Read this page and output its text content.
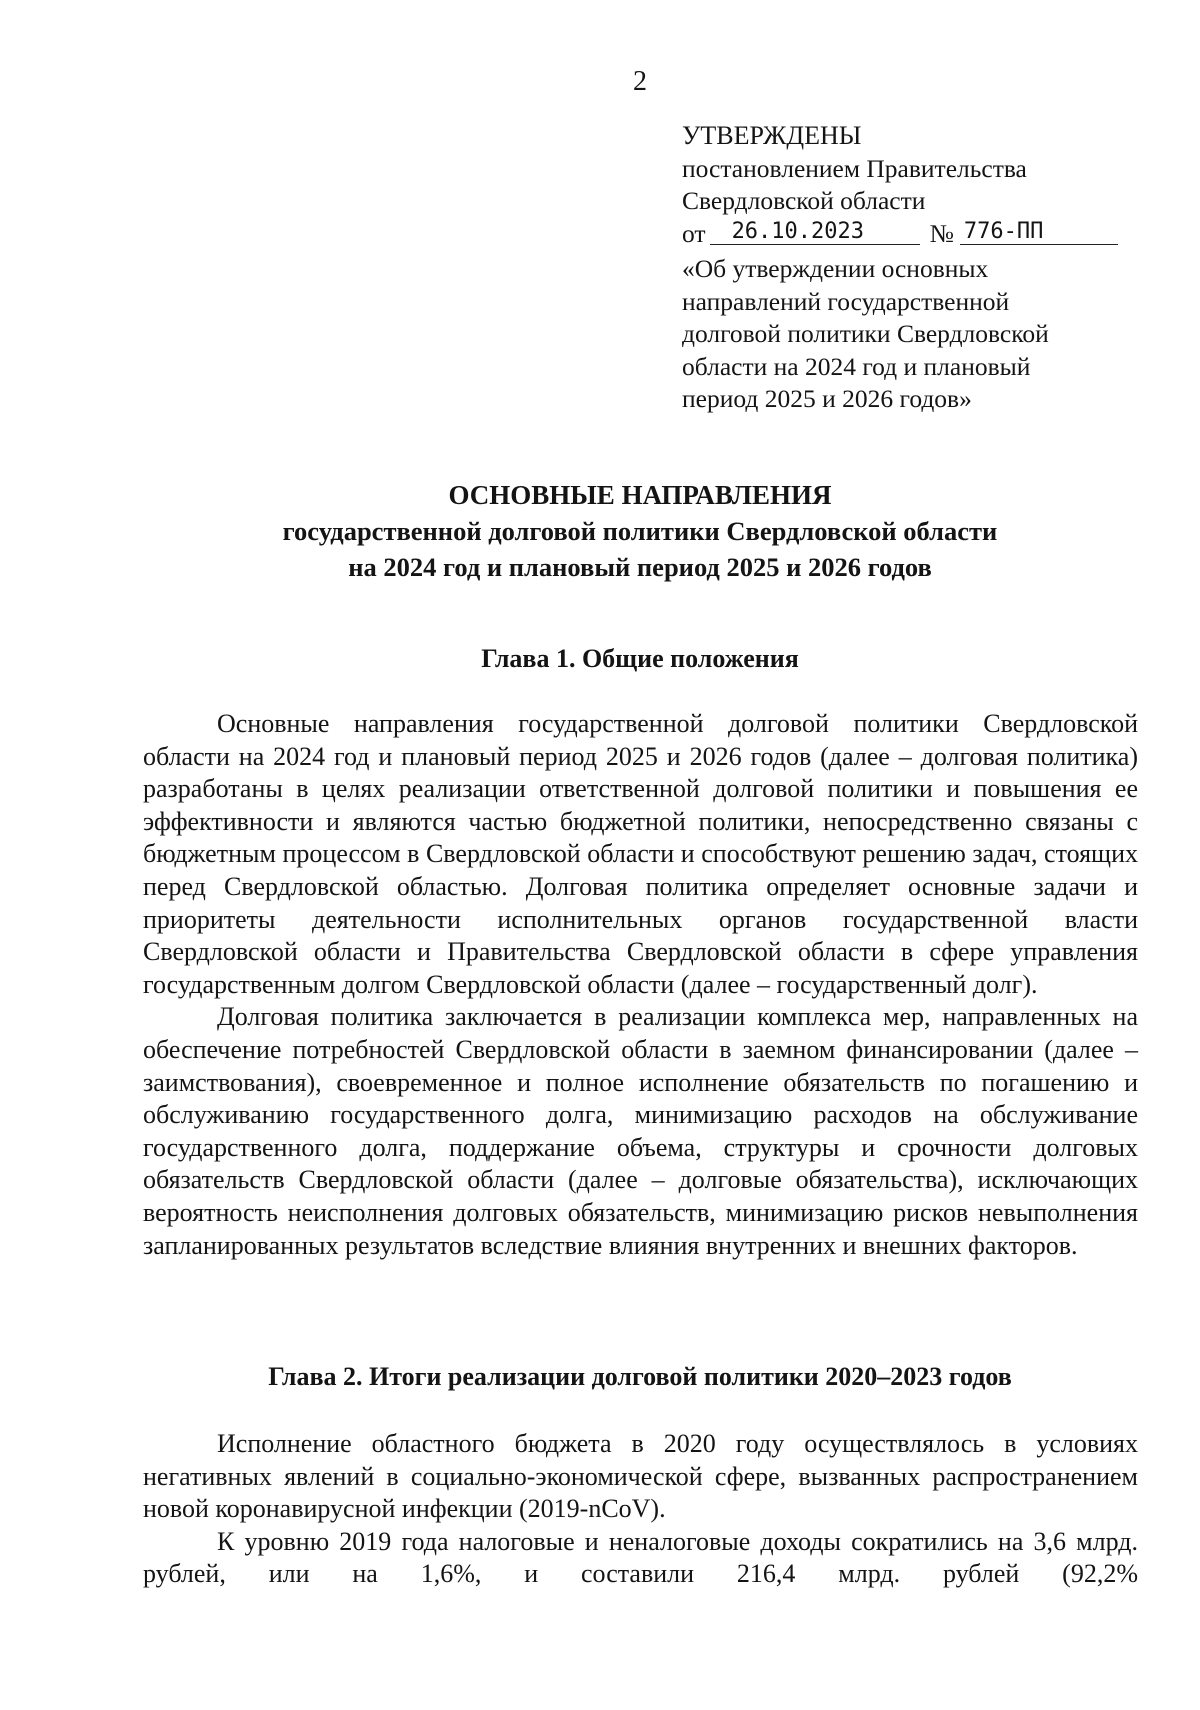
2
УТВЕРЖДЕНЫ
постановлением Правительства
Свердловской области
от	26.10.2023	№ 776-ПП
«Об утверждении основных
направлений государственной
долговой политики Свердловской
области на 2024 год и плановый
период 2025 и 2026 годов»
ОСНОВНЫЕ НАПРАВЛЕНИЯ
государственной долговой политики Свердловской области
на 2024 год и плановый период 2025 и 2026 годов
Глава 1. Общие положения

Основные направления государственной долговой политики Свердловской области на 2024 год и плановый период 2025 и 2026 годов (далее – долговая политика) разработаны в целях реализации ответственной долговой политики и повышения ее эффективности и являются частью бюджетной политики, непосредственно связаны с бюджетным процессом в Свердловской области и способствуют решению задач, стоящих перед Свердловской областью. Долговая политика определяет основные задачи и приоритеты деятельности исполнительных органов государственной власти Свердловской области и Правительства Свердловской области в сфере управления государственным долгом Свердловской области (далее – государственный долг).

Долговая политика заключается в реализации комплекса мер, направленных на обеспечение потребностей Свердловской области в заемном финансировании (далее – заимствования), своевременное и полное исполнение обязательств по погашению и обслуживанию государственного долга, минимизацию расходов на обслуживание государственного долга, поддержание объема, структуры и срочности долговых обязательств Свердловской области (далее – долговые обязательства), исключающих вероятность неисполнения долговых обязательств, минимизацию рисков невыполнения запланированных результатов вследствие влияния внутренних и внешних факторов.

Глава 2. Итоги реализации долговой политики 2020–2023 годов

Исполнение областного бюджета в 2020 году осуществлялось в условиях негативных явлений в социально-экономической сфере, вызванных распространением новой коронавирусной инфекции (2019-nCoV).

К уровню 2019 года налоговые и неналоговые доходы сократились на 3,6 млрд. рублей, или на 1,6%, и составили 216,4 млрд. рублей (92,2%
